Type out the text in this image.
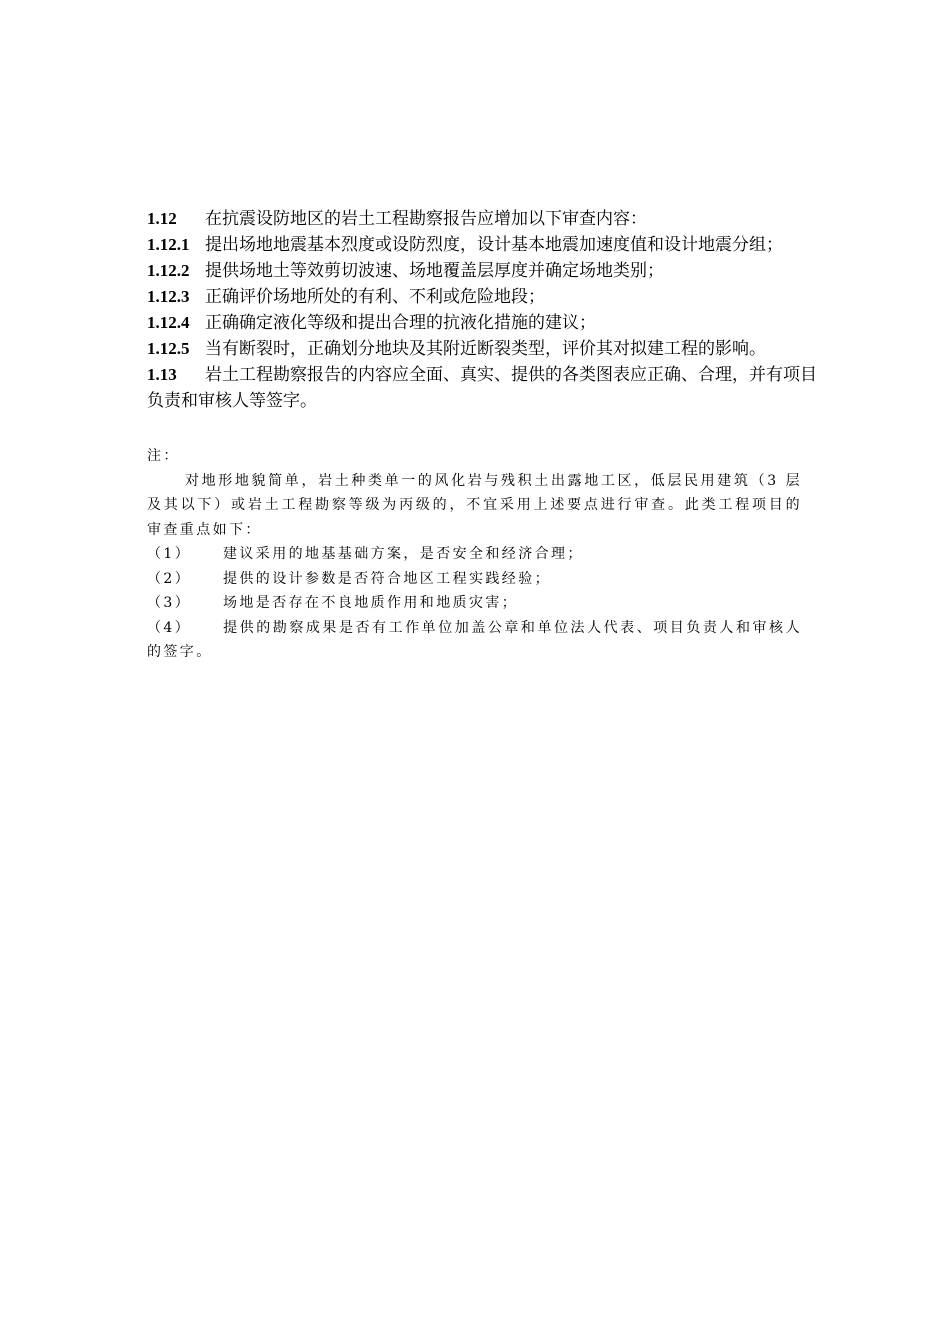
1.12 在抗震设防地区的岩土工程勘察报告应增加以下审查内容：

1.12.1 提出场地地震基本烈度或设防烈度，设计基本地震加速度值和设计地震分组；

1.12.2 提供场地土等效剪切波速、场地覆盖层厚度并确定场地类别；

1.12.3 正确评价场地所处的有利、不利或危险地段；

1.12.4 正确确定液化等级和提出合理的抗液化措施的建议；

1.12.5 当有断裂时，正确划分地块及其附近断裂类型，评价其对拟建工程的影响。

1.13 岩土工程勘察报告的内容应全面、真实、提供的各类图表应正确、合理，并有项目负责和审核人等签字。

注：

对地形地貌简单，岩土种类单一的风化岩与残积土出露地工区，低层民用建筑（3 层及其以下）或岩土工程勘察等级为丙级的，不宜采用上述要点进行审查。此类工程项目的审查重点如下：

（1） 建议采用的地基基础方案，是否安全和经济合理；

（2） 提供的设计参数是否符合地区工程实践经验；

（3） 场地是否存在不良地质作用和地质灾害；

（4） 提供的勘察成果是否有工作单位加盖公章和单位法人代表、项目负责人和审核人的签字。
